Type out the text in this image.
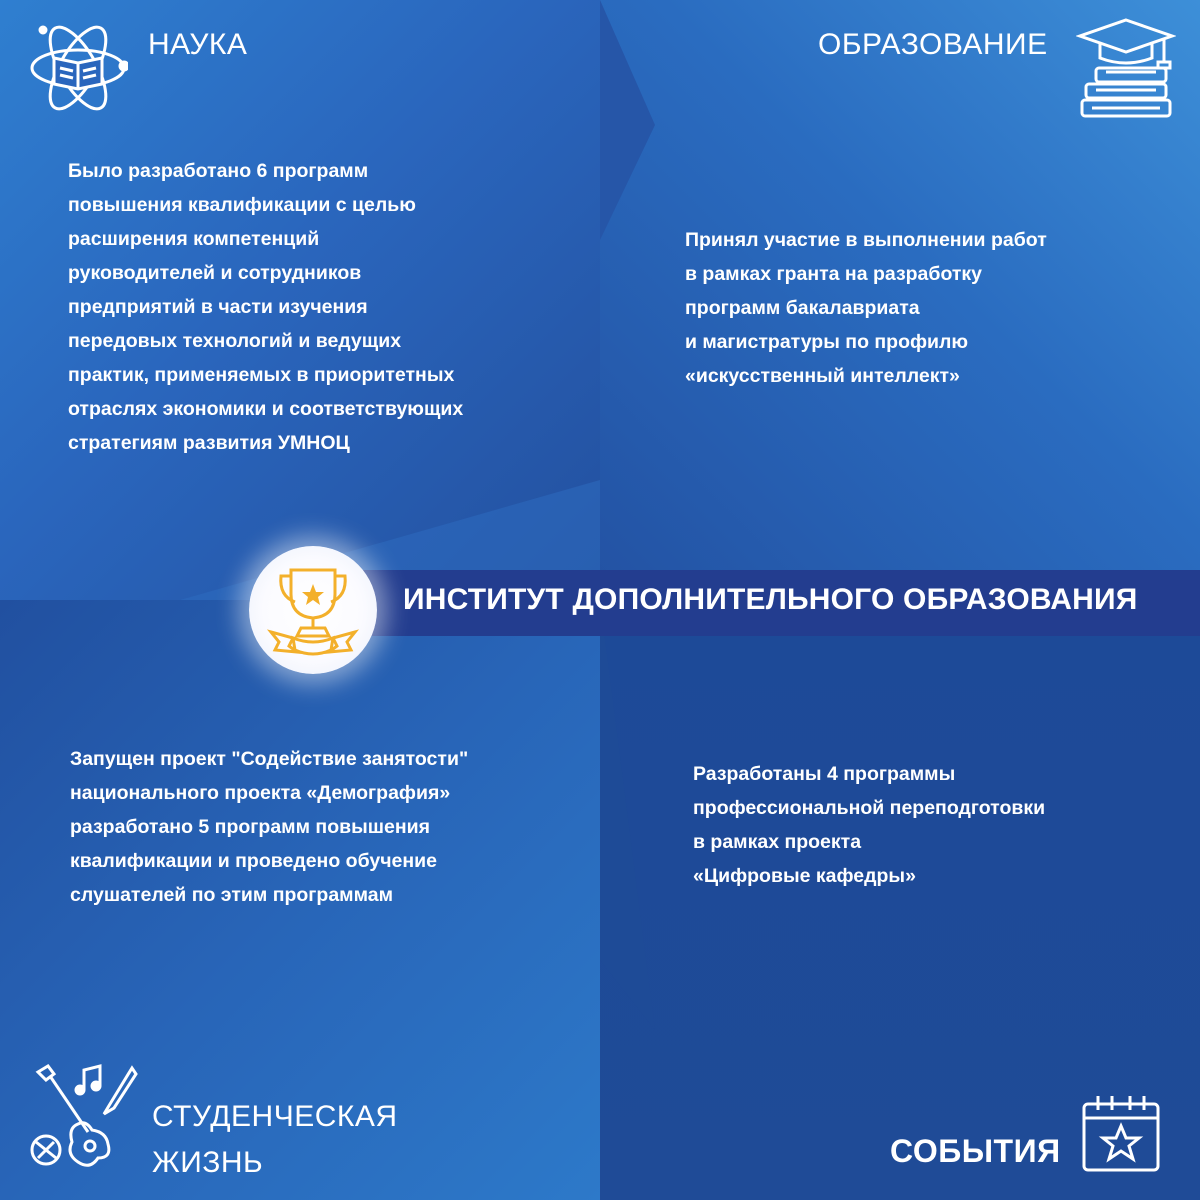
НАУКА
Было разработано 6 программ
повышения квалификации с целью
расширения компетенций
руководителей и сотрудников
предприятий в части изучения
передовых технологий и ведущих
практик, применяемых в приоритетных
отраслях экономики и соответствующих
стратегиям развития УМНОЦ
ОБРАЗОВАНИЕ
Принял участие в выполнении работ
в рамках гранта на разработку
программ бакалавриата
и магистратуры по профилю
«искусственный интеллект»
ИНСТИТУТ ДОПОЛНИТЕЛЬНОГО ОБРАЗОВАНИЯ
Запущен проект "Содействие занятости"
национального проекта «Демография»
разработано 5 программ повышения
квалификации и проведено обучение
слушателей по этим программам
СТУДЕНЧЕСКАЯ
ЖИЗНЬ
Разработаны 4 программы
профессиональной переподготовки
в рамках проекта
«Цифровые кафедры»
СОБЫТИЯ
